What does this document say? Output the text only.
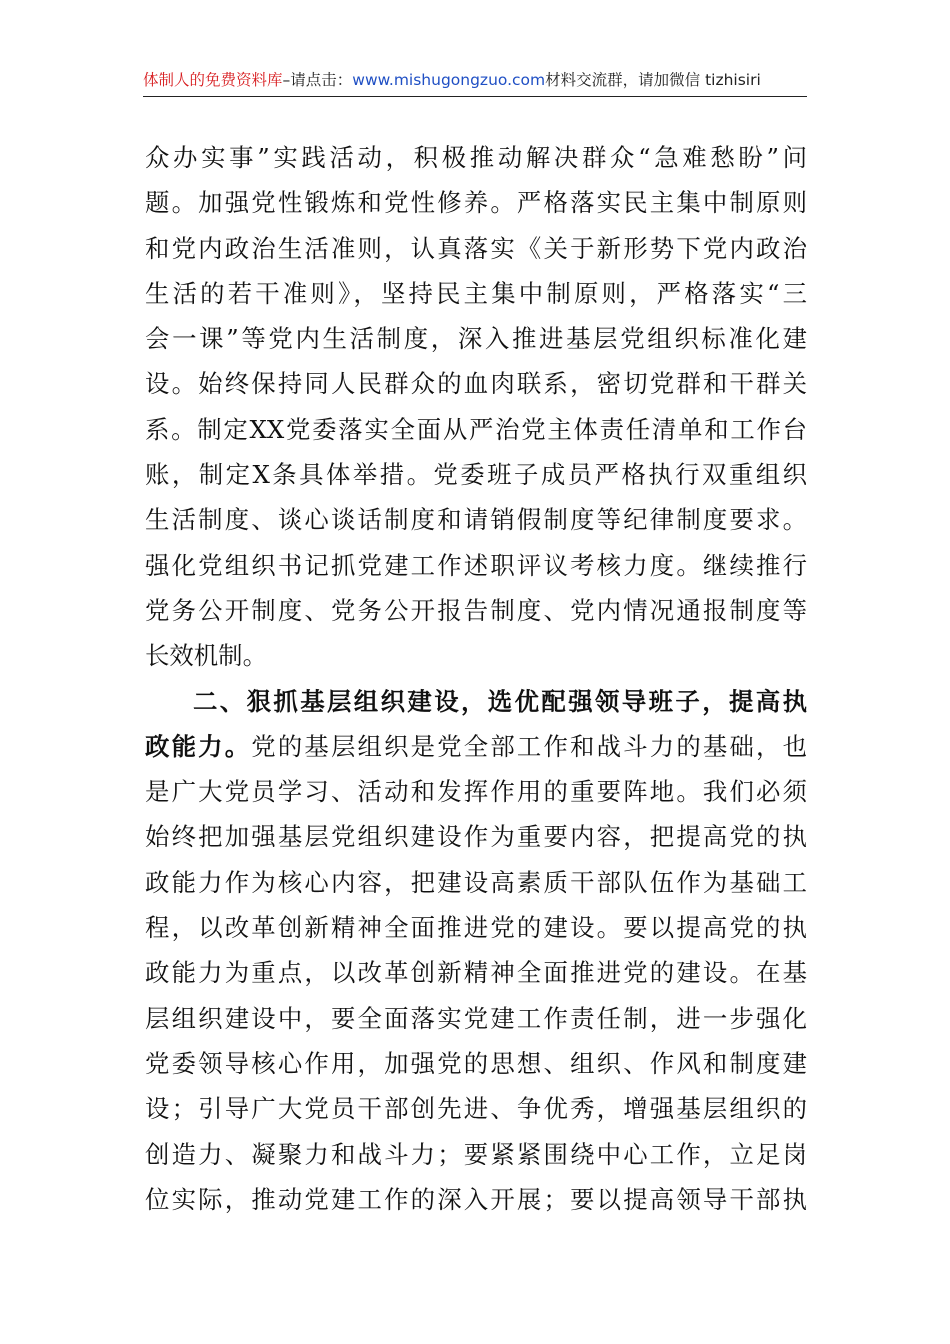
体制人的免费资料库–请点击：www.mishugongzuo.com材料交流群，请加微信 tizhisiri
众办实事”实践活动，积极推动解决群众“急难愁盼”问
题。加强党性锻炼和党性修养。严格落实民主集中制原则
和党内政治生活准则，认真落实《关于新形势下党内政治
生活的若干准则》，坚持民主集中制原则，严格落实“三
会一课”等党内生活制度，深入推进基层党组织标准化建
设。始终保持同人民群众的血肉联系，密切党群和干群关
系。制定XX党委落实全面从严治党主体责任清单和工作台
账，制定X条具体举措。党委班子成员严格执行双重组织
生活制度、谈心谈话制度和请销假制度等纪律制度要求。
强化党组织书记抓党建工作述职评议考核力度。继续推行
党务公开制度、党务公开报告制度、党内情况通报制度等
长效机制。
二、狠抓基层组织建设，选优配强领导班子，提高执
政能力。党的基层组织是党全部工作和战斗力的基础，也
是广大党员学习、活动和发挥作用的重要阵地。我们必须
始终把加强基层党组织建设作为重要内容，把提高党的执
政能力作为核心内容，把建设高素质干部队伍作为基础工
程，以改革创新精神全面推进党的建设。要以提高党的执
政能力为重点，以改革创新精神全面推进党的建设。在基
层组织建设中，要全面落实党建工作责任制，进一步强化
党委领导核心作用，加强党的思想、组织、作风和制度建
设；引导广大党员干部创先进、争优秀，增强基层组织的
创造力、凝聚力和战斗力；要紧紧围绕中心工作，立足岗
位实际，推动党建工作的深入开展；要以提高领导干部执
